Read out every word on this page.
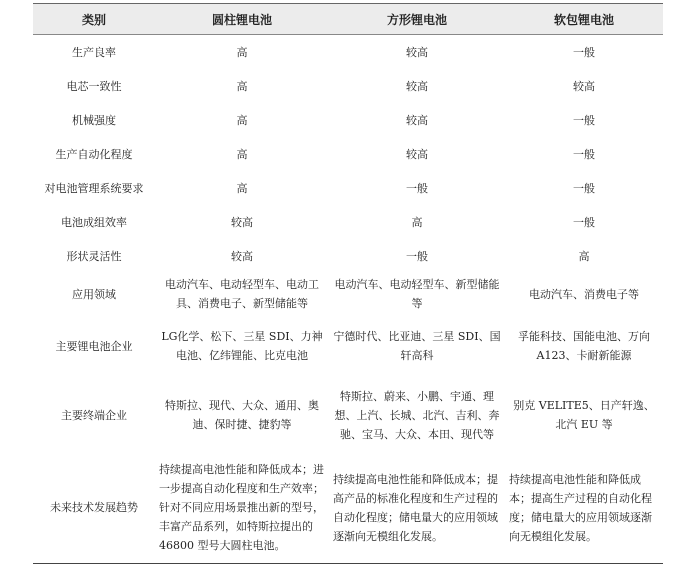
类别	圆柱锂电池	方形锂电池	软包锂电池
生产良率	高	较高	一般
电芯一致性	高	较高	较高
机械强度	高	较高	一般
生产自动化程度	高	较高	一般
对电池管理系统要求	高	一般	一般
电池成组效率	较高	高	一般
形状灵活性	较高	一般	高
应用领域	电动汽车、电动轻型车、电动工具、消费电子、新型储能等	电动汽车、电动轻型车、新型储能等	电动汽车、消费电子等
主要锂电池企业	LG化学、松下、三星 SDI、力神电池、亿纬锂能、比克电池	宁德时代、比亚迪、三星 SDI、国轩高科	孚能科技、国能电池、万向 A123、卡耐新能源
主要终端企业	特斯拉、现代、大众、通用、奥迪、保时捷、捷豹等	特斯拉、蔚来、小鹏、宇通、理想、上汽、长城、北汽、吉利、奔驰、宝马、大众、本田、现代等	别克 VELITE5、日产轩逸、北汽 EU 等
未来技术发展趋势	持续提高电池性能和降低成本；进一步提高自动化程度和生产效率；针对不同应用场景推出新的型号，丰富产品系列，如特斯拉提出的 46800 型号大圆柱电池。	持续提高电池性能和降低成本；提高产品的标准化程度和生产过程的自动化程度；储电量大的应用领域逐渐向无模组化发展。	持续提高电池性能和降低成本；提高生产过程的自动化程度；储电量大的应用领域逐渐向无模组化发展。
